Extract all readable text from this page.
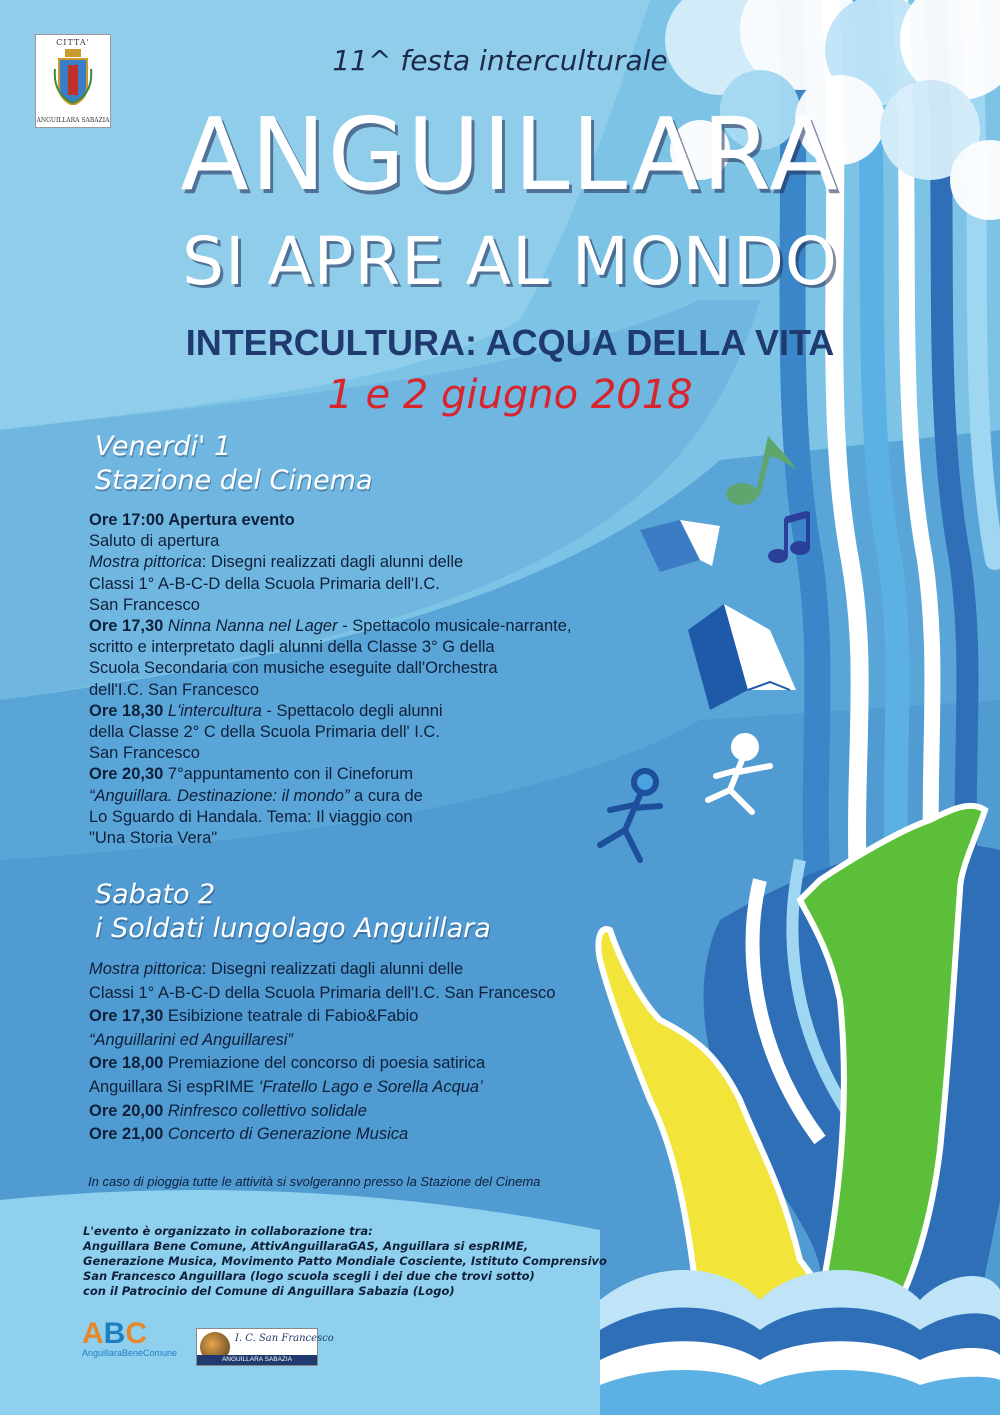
CITTA'
ANGUILLARA SABAZIA
11^ festa interculturale
ANGUILLARA
SI APRE AL MONDO
INTERCULTURA: ACQUA DELLA VITA
1 e 2 giugno 2018
Venerdi' 1
Stazione del Cinema
Ore 17:00 Apertura evento
Saluto di apertura
Mostra pittorica: Disegni realizzati dagli alunni delle
Classi 1° A-B-C-D della Scuola Primaria dell'I.C.
San Francesco
Ore 17,30 Ninna Nanna nel Lager - Spettacolo musicale-narrante,
scritto e interpretato dagli alunni della Classe 3° G della
Scuola Secondaria con musiche eseguite dall'Orchestra
dell'I.C. San Francesco
Ore 18,30 L'intercultura - Spettacolo degli alunni
della Classe 2° C della Scuola Primaria dell' I.C.
San Francesco
Ore 20,30 7°appuntamento con il Cineforum
“Anguillara. Destinazione: il mondo” a cura de
Lo Sguardo di Handala. Tema: Il viaggio con
"Una Storia Vera"
Sabato 2
i Soldati lungolago Anguillara
Mostra pittorica: Disegni realizzati dagli alunni delle
Classi 1° A-B-C-D della Scuola Primaria dell'I.C. San Francesco
Ore 17,30 Esibizione teatrale di Fabio&Fabio
“Anguillarini ed Anguillaresi”
Ore 18,00 Premiazione del concorso di poesia satirica
Anguillara Si espRIME ‘Fratello Lago e Sorella Acqua’
Ore 20,00 Rinfresco collettivo solidale
Ore 21,00 Concerto di Generazione Musica
In caso di pioggia tutte le attività si svolgeranno presso la Stazione del Cinema
L'evento è organizzato in collaborazione tra:
Anguillara Bene Comune, AttivAnguillaraGAS, Anguillara si espRIME,
Generazione Musica, Movimento Patto Mondiale Cosciente, Istituto Comprensivo
San Francesco Anguillara (logo scuola scegli i dei due che trovi sotto)
con il Patrocinio del Comune di Anguillara Sabazia (Logo)
ABC
AnguillaraBeneComune
I. C. San Francesco
ANGUILLARA SABAZIA
